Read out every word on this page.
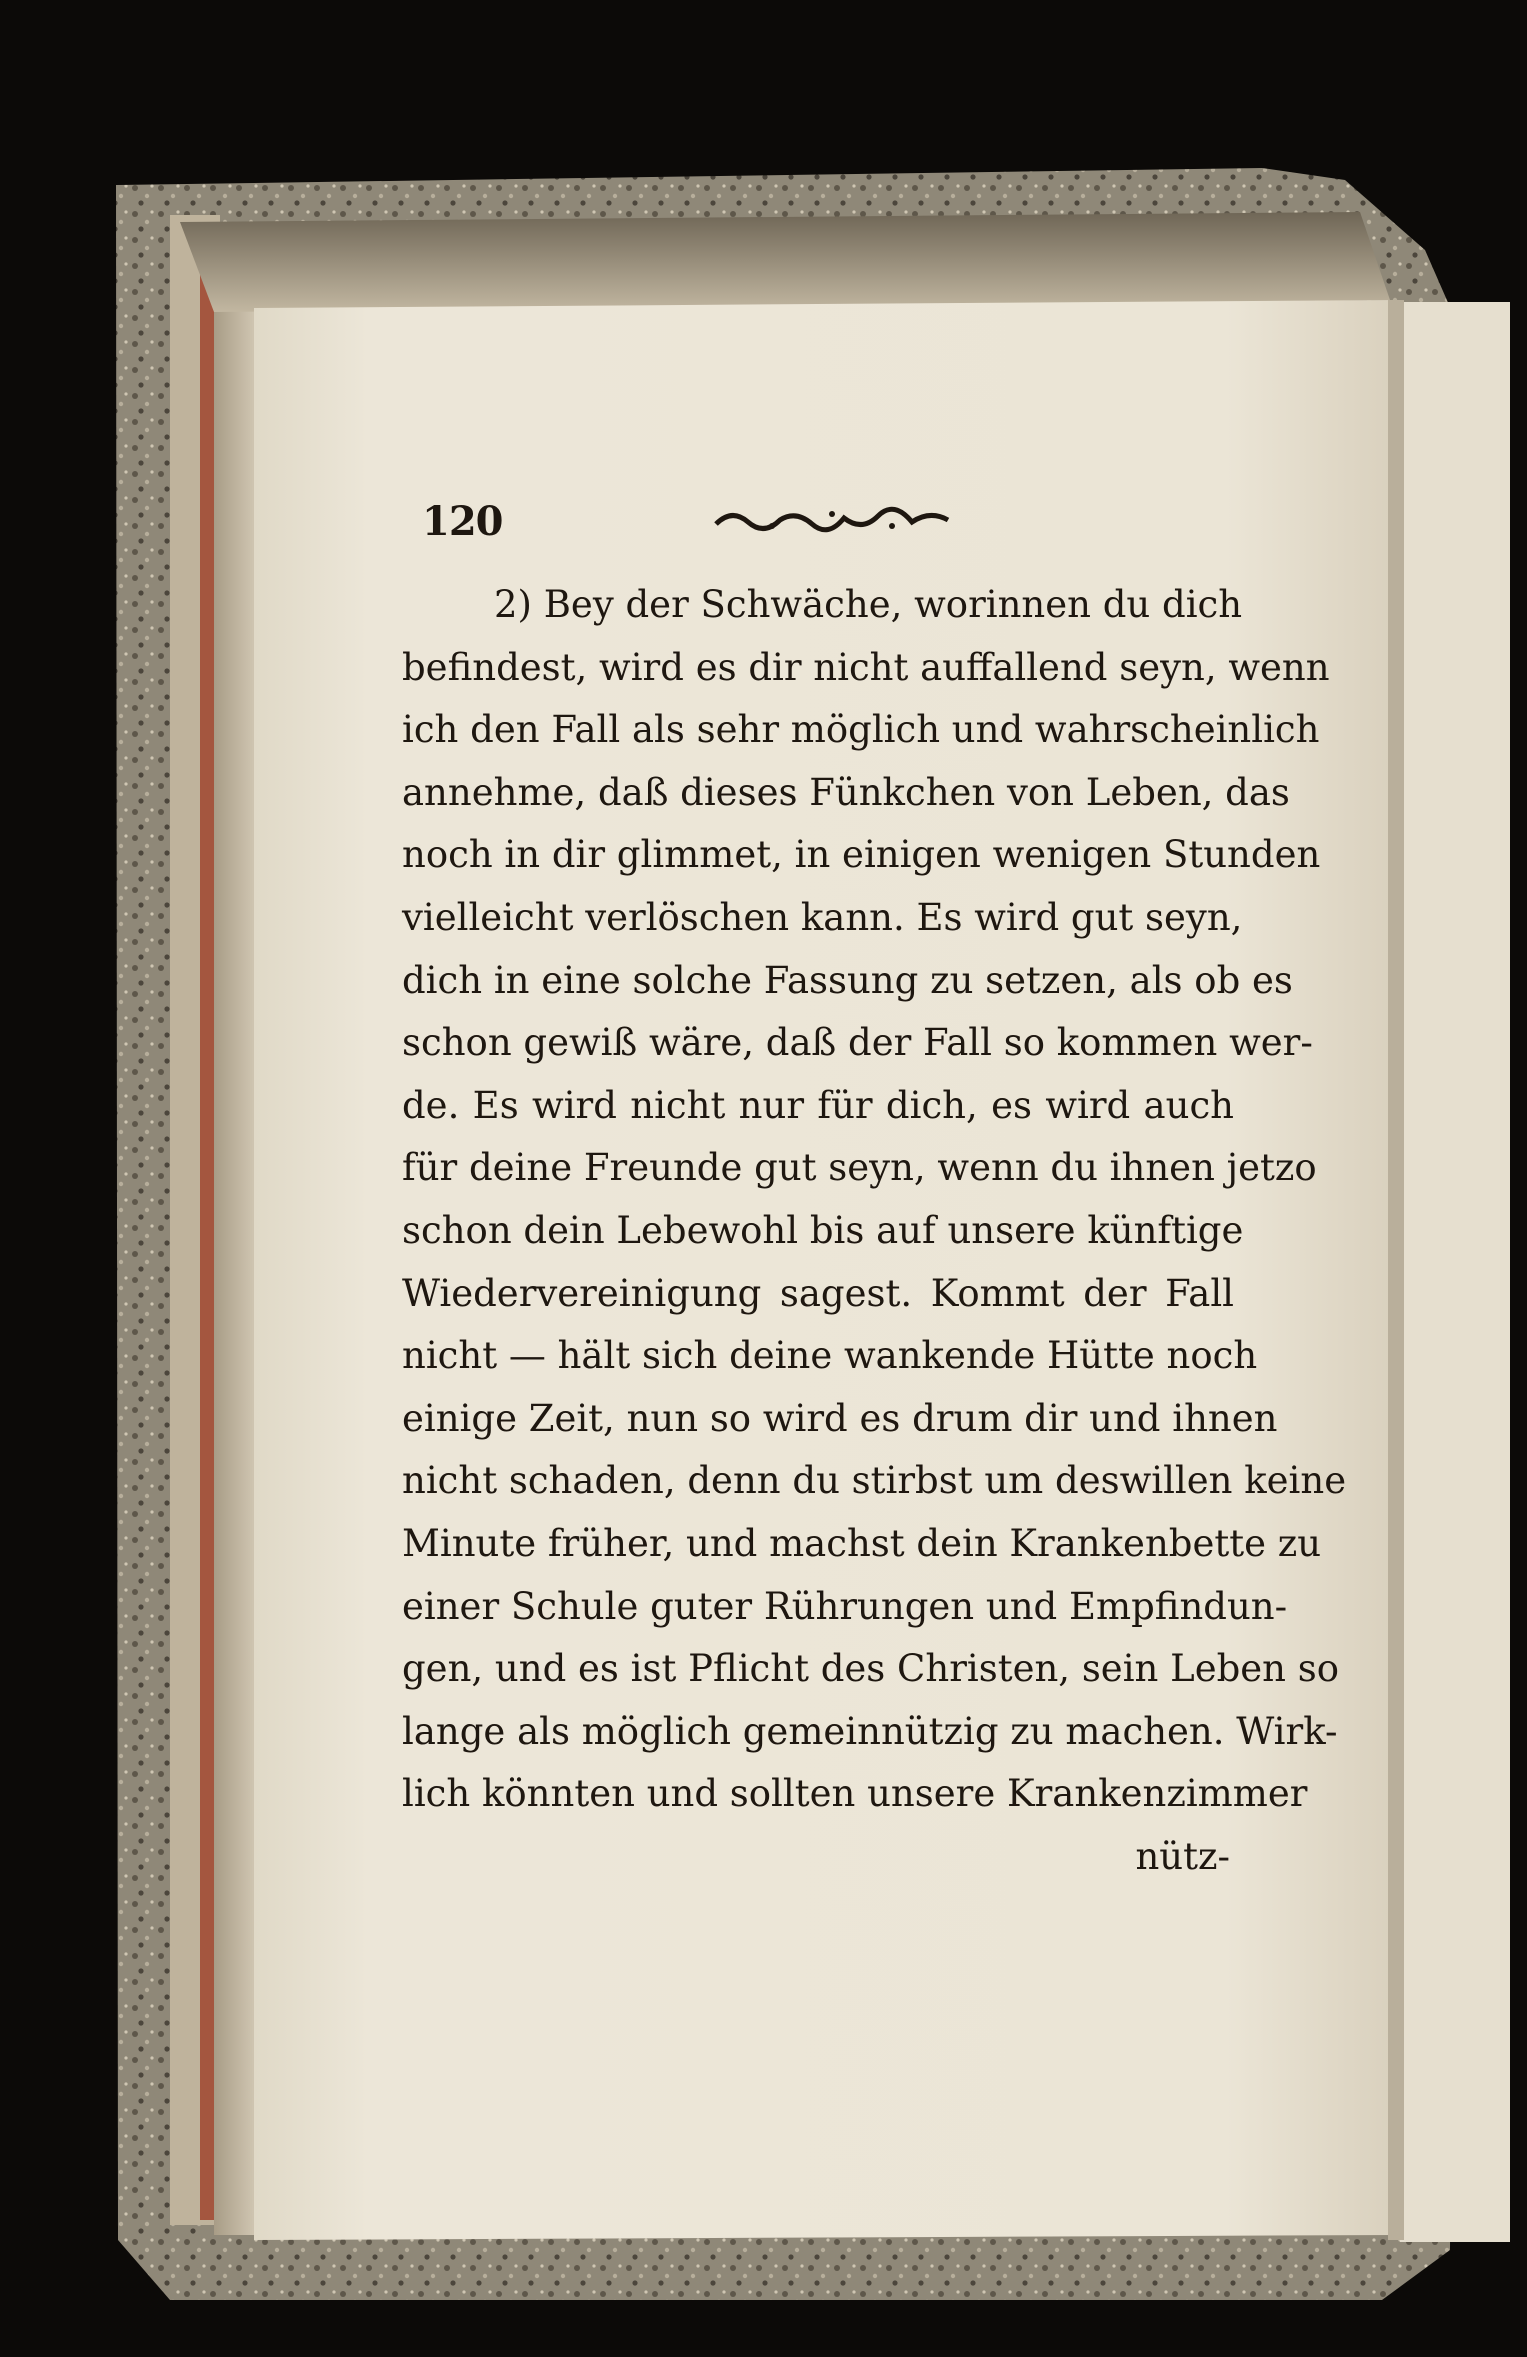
120
2) Bey der Schwäche, worinnen du dich
befindest, wird es dir nicht auffallend seyn, wenn
ich den Fall als sehr möglich und wahrscheinlich
annehme, daß dieses Fünkchen von Leben, das
noch in dir glimmet, in einigen wenigen Stunden
vielleicht verlöschen kann. Es wird gut seyn,
dich in eine solche Fassung zu setzen, als ob es
schon gewiß wäre, daß der Fall so kommen wer-
de. Es wird nicht nur für dich, es wird auch
für deine Freunde gut seyn, wenn du ihnen jetzo
schon dein Lebewohl bis auf unsere künftige
Wiedervereinigung sagest. Kommt der Fall
nicht — hält sich deine wankende Hütte noch
einige Zeit, nun so wird es drum dir und ihnen
nicht schaden, denn du stirbst um deswillen keine
Minute früher, und machst dein Krankenbette zu
einer Schule guter Rührungen und Empfindun-
gen, und es ist Pflicht des Christen, sein Leben so
lange als möglich gemeinnützig zu machen. Wirk-
lich könnten und sollten unsere Krankenzimmer
nütz-
